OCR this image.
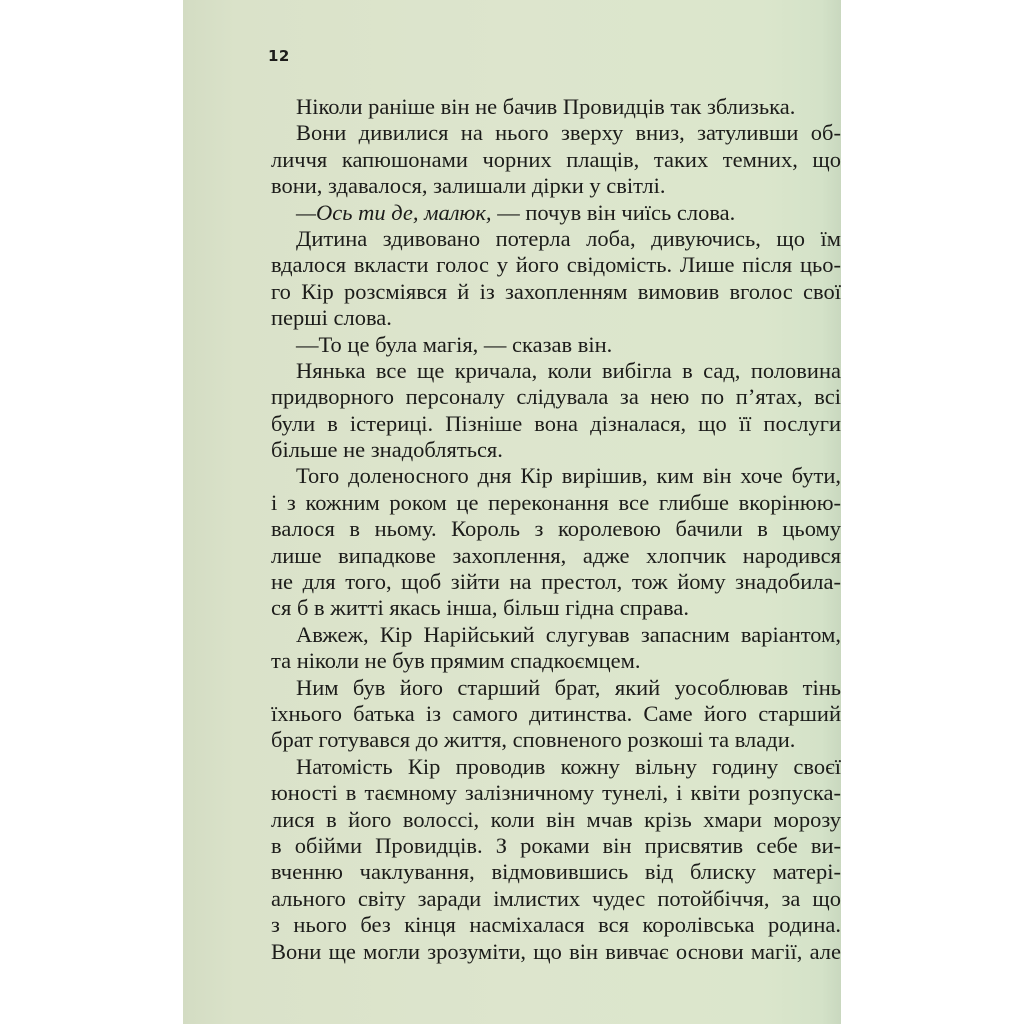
12
Ніколи раніше він не бачив Провидців так зблизька.
Вони дивилися на нього зверху вниз, затуливши об-
личчя капюшонами чорних плащів, таких темних, що
вони, здавалося, залишали дірки у світлі.
—Ось ти де, малюк, — почув він чиїсь слова.
Дитина здивовано потерла лоба, дивуючись, що їм
вдалося вкласти голос у його свідомість. Лише після цьо-
го Кір розсміявся й із захопленням вимовив вголос свої
перші слова.
—То це була магія, — сказав він.
Нянька все ще кричала, коли вибігла в сад, половина
придворного персоналу слідувала за нею по п’ятах, всі
були в істериці. Пізніше вона дізналася, що її послуги
більше не знадобляться.
Того доленосного дня Кір вирішив, ким він хоче бути,
і з кожним роком це переконання все глибше вкорінюю-
валося в ньому. Король з королевою бачили в цьому
лише випадкове захоплення, адже хлопчик народився
не для того, щоб зійти на престол, тож йому знадобила-
ся б в житті якась інша, більш гідна справа.
Авжеж, Кір Нарійський слугував запасним варіантом,
та ніколи не був прямим спадкоємцем.
Ним був його старший брат, який уособлював тінь
їхнього батька із самого дитинства. Саме його старший
брат готувався до життя, сповненого розкоші та влади.
Натомість Кір проводив кожну вільну годину своєї
юності в таємному залізничному тунелі, і квіти розпуска-
лися в його волоссі, коли він мчав крізь хмари морозу
в обійми Провидців. З роками він присвятив себе ви-
вченню чаклування, відмовившись від блиску матері-
ального світу заради імлистих чудес потойбіччя, за що
з нього без кінця насміхалася вся королівська родина.
Вони ще могли зрозуміти, що він вивчає основи магії, але
